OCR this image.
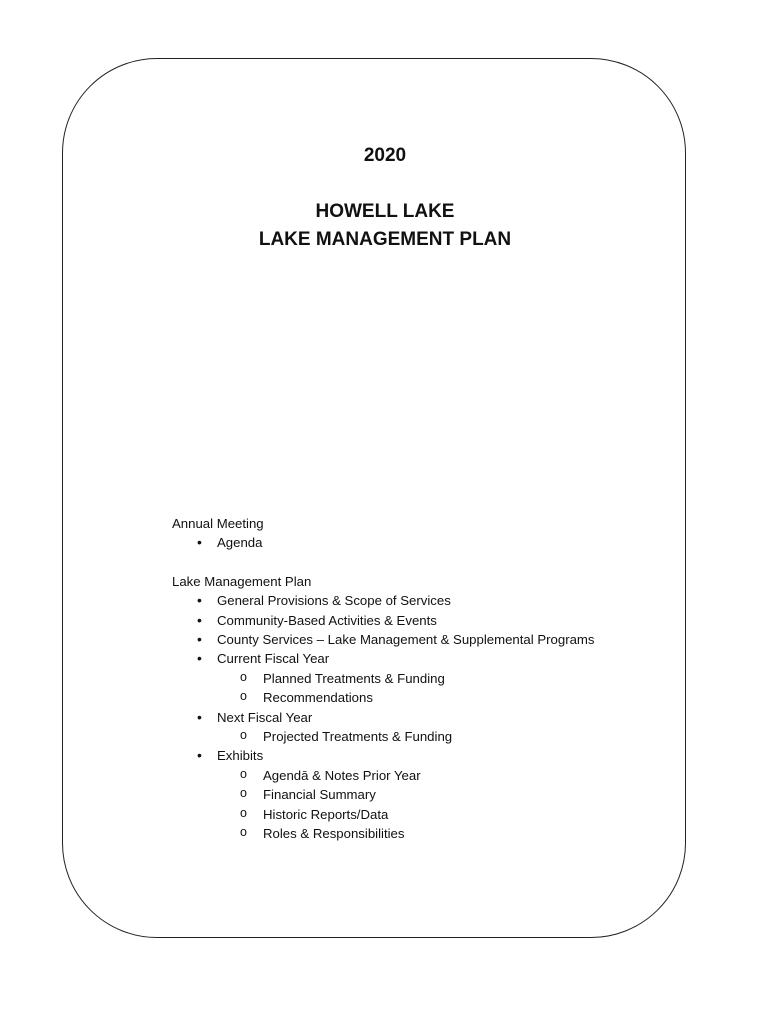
2020
HOWELL LAKE
LAKE MANAGEMENT PLAN
Annual Meeting
• Agenda
Lake Management Plan
• General Provisions & Scope of Services
• Community-Based Activities & Events
• County Services – Lake Management & Supplemental Programs
• Current Fiscal Year
o Planned Treatments & Funding
o Recommendations
• Next Fiscal Year
o Projected Treatments & Funding
• Exhibits
o Agendā & Notes Prior Year
o Financial Summary
o Historic Reports/Data
o Roles & Responsibilities
